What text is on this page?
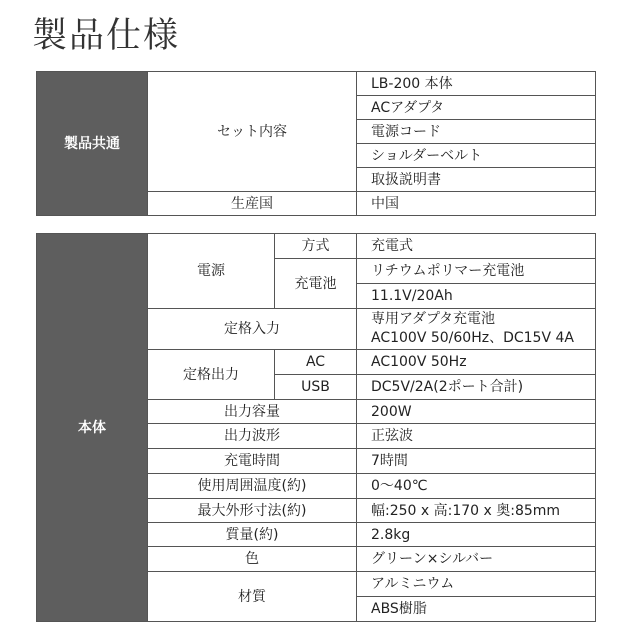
製品仕様
製品共通	セット内容	LB-200 本体
		ACアダプタ
		電源コード
		ショルダーベルト
		取扱説明書
	生産国	中国
本体	電源	方式	充電式
		充電池	リチウムポリマー充電池
			11.1V/20Ah
	定格入力		専用アダプタ充電池
AC100V 50/60Hz、DC15V 4A

	定格出力	AC	AC100V 50Hz
		USB	DC5V/2A(2ポート合計)
	出力容量		200W
	出力波形		正弦波
	充電時間		7時間
	使用周囲温度(約)		0～40℃
	最大外形寸法(約)		幅:250 x 高:170 x 奥:85mm
	質量(約)		2.8kg
	色		グリーン×シルバー
	材質		アルミニウム
			ABS樹脂
